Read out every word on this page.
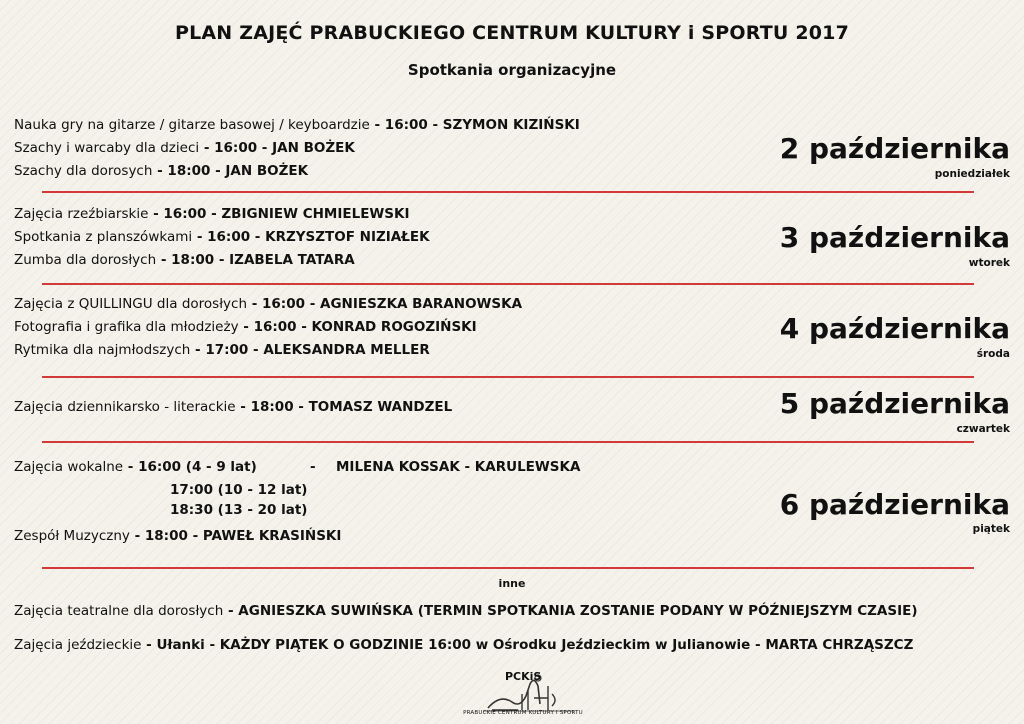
PLAN ZAJĘĆ PRABUCKIEGO CENTRUM KULTURY i SPORTU 2017
Spotkania organizacyjne
Nauka gry na gitarze / gitarze basowej / keyboardzie - 16:00 - SZYMON KIZIŃSKI
Szachy i warcaby dla dzieci - 16:00 - JAN BOŻEK
Szachy dla dorosych - 18:00 - JAN BOŻEK
2 października
poniedziałek
Zajęcia rzeźbiarskie - 16:00 - ZBIGNIEW CHMIELEWSKI
Spotkania z planszówkami - 16:00 - KRZYSZTOF NIZIAŁEK
Zumba dla dorosłych - 18:00 - IZABELA TATARA
3 października
wtorek
Zajęcia z QUILLINGU dla dorosłych - 16:00 - AGNIESZKA BARANOWSKA
Fotografia i grafika dla młodzieży - 16:00 - KONRAD ROGOZIŃSKI
Rytmika dla najmłodszych - 17:00 - ALEKSANDRA MELLER
4 października
środa
Zajęcia dziennikarsko - literackie - 18:00 - TOMASZ WANDZEL	5 października
czwartek
Zajęcia wokalne - 16:00 (4 - 9 lat)	- MILENA KOSSAK - KARULEWSKA
17:00 (10 - 12 lat)
18:30 (13 - 20 lat)
Zespół Muzyczny - 18:00 - PAWEŁ KRASIŃSKI
6 października
piątek
inne
Zajęcia teatralne dla dorosłych - AGNIESZKA SUWIŃSKA (TERMIN SPOTKANIA ZOSTANIE PODANY W PÓŹNIEJSZYM CZASIE)
Zajęcia jeździeckie - Ułanki - KAŻDY PIĄTEK O GODZINIE 16:00 w Ośrodku Jeździeckim w Julianowie - MARTA CHRZĄSZCZ
PCKiS
PRABUCKIE CENTRUM KULTURY I SPORTU
